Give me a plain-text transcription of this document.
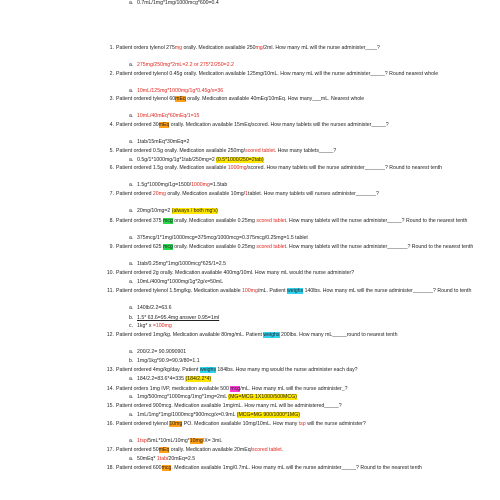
1. Patient orders tylenol 275mg orally. Medication available 250mg/2ml. How many mL will the nurse administer____?
a. 275mg/250mg*2mL=2.2 or 275*2/250=2.2
2. Patient ordered tylenol 0.45g orally. Medication available 125mg/10mL. How many mL will the nurse administer_____? Round nearest whole
a. 10mL/125mg*1000mg/1g*0.45g/x=36
3. Patient ordered tylenol 60mEq orally. Medication available 40mEq/10mEq. How many___mL. Nearest whole
a. 10mL/40mEq*60mEq/1=15
4. Patient ordered 30mEq orally. Medication available 15mEq/scored. How many tablets will the nurses administer_____?
a. 1tab/15mEq*30mEq=2
5. Patient ordered 0.5g orally. Medication available 250mg/scored tablet. How many tablets_____?
a. 0.5g/1*1000mg/1g*1tab/250mg=2 (0.5*1000/250=2tab)
6. Patient ordered 1.5g orally. Medication available 1000mg/scored. How many tablets will the nurse administer_______? Round to nearest tenth
a. 1.5g*1000mg/1g=1500/1000mg=1.5tab
7. Patient ordered 20mg orally. Medication available 10mg/1tablet. How many tablets will nurses administer_______?
a. 20mg/10mg=2 (always / both mg's)
8. Patient ordered 375 mcg orally. Medication available 0.25mg scored tablet. How many tablets will the nurse administer_____? Round to the nearest tenth
a. 375mcg/1*1mg/1000mcg=375mcg/1000mcg=0.375mcg/0.25mg=1.5 tablet
9. Patient ordered 625 mcg orally. Medication available 0.25mg scored tablet. How many tablets will the nurse administer_______? Round to the nearest tenth
a. 1tab/0.25mg*1mg/1000mcg*625/1=2.5
10. Patient ordered 2g orally. Medication available 400mg/10ml. How many mL would the nurse administer?
a. 10mL/400mg*1000mg/1g*2g/x=50mL
11. Patient ordered tylenol 1.5mg/kg. Medication available 100mg/mL. Patient weighs 140lbs. How many mL will the nurse administer_______? Round to tenth
a. 140lb/2.2=63.6
b. 1.5* 63.6=95.4mg answer 0.95=1ml
c. 1kg* x =100mg
12. Patient ordered 1mg/kg. Medication available 80mg/mL. Patient weighs 200lbs. How many mL_____round to nearest tenth
a. 200/2.2= 90.9090901
b. 1mg/1kg*90.9=90.9/80=1.1
13. Patient ordered 4mg/kg/day. Patient weighs 184lbs. How many mg would the nurse administer each day?
a. 184/2.2=83.6*4=335 (184/2.2*4)
14. Patient orders 1mg IVP, medication available 500 mcg/mL. How many mL will the nurse administer_?
a. 1mg/500mcg*1000mcg/1mg*1mg=2mL (MG=MCG 1X1000/500MCG)
15. Patient ordered 900mcg. Medication available 1mg/mL. How many mL will be administered_____?
a. 1mL/1mg*1mg/1000mcg*900mcg/x=0.9mL (MCG=MG 900/1000*1MG)
16. Patient ordered tylenol 10mg PO. Medication available 10mg/10mL. How many tsp will the nurse administer?
a. 1tsp/5mL*10mL/10mg*10mg/X= 3mL
17. Patient ordered 50mEq orally. Medication available 20mEq/scored tablet.
a. 50mEq* 1tab/20mEq=2.5
18. Patient ordered 600mcg. Medication available 1mg/0.7mL. How many mL will the nurse administer_____? Round to the nearest tenth
a. 0.7mL/1mg*1mg/1000mcg*600=0.4
